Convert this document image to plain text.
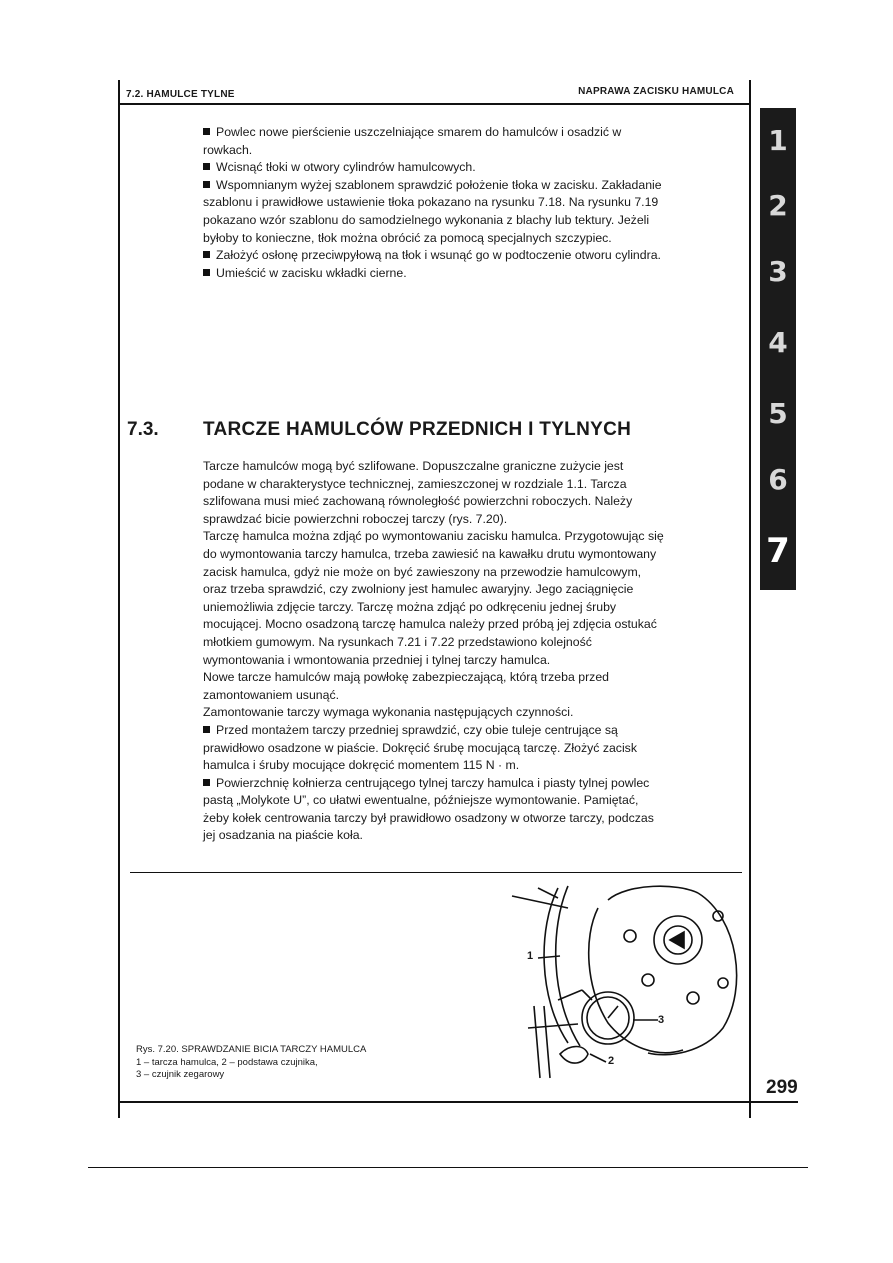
7.2. HAMULCE TYLNE	NAPRAWA ZACISKU HAMULCA

Powlec nowe pierścienie uszczelniające smarem do hamulców i osadzić w rowkach.

Wcisnąć tłoki w otwory cylindrów hamulcowych.

Wspomnianym wyżej szablonem sprawdzić położenie tłoka w zacisku. Zakładanie szablonu i prawidłowe ustawienie tłoka pokazano na rysunku 7.18. Na rysunku 7.19 pokazano wzór szablonu do samodzielnego wykonania z blachy lub tektury. Jeżeli byłoby to konieczne, tłok można obrócić za pomocą specjalnych szczypiec.

Założyć osłonę przeciwpyłową na tłok i wsunąć go w podtoczenie otworu cylindra.

Umieścić w zacisku wkładki cierne.

7.3. TARCZE HAMULCÓW PRZEDNICH I TYLNYCH

Tarcze hamulców mogą być szlifowane. Dopuszczalne graniczne zużycie jest podane w charakterystyce technicznej, zamieszczonej w rozdziale 1.1. Tarcza szlifowana musi mieć zachowaną równoległość powierzchni roboczych. Należy sprawdzać bicie powierzchni roboczej tarczy (rys. 7.20).

Tarczę hamulca można zdjąć po wymontowaniu zacisku hamulca. Przygotowując się do wymontowania tarczy hamulca, trzeba zawiesić na kawałku drutu wymontowany zacisk hamulca, gdyż nie może on być zawieszony na przewodzie hamulcowym, oraz trzeba sprawdzić, czy zwolniony jest hamulec awaryjny. Jego zaciągnięcie uniemożliwia zdjęcie tarczy. Tarczę można zdjąć po odkręceniu jednej śruby mocującej. Mocno osadzoną tarczę hamulca należy przed próbą jej zdjęcia ostukać młotkiem gumowym. Na rysunkach 7.21 i 7.22 przedstawiono kolejność wymontowania i wmontowania przedniej i tylnej tarczy hamulca.

Nowe tarcze hamulców mają powłokę zabezpieczającą, którą trzeba przed zamontowaniem usunąć.

Zamontowanie tarczy wymaga wykonania następujących czynności.

Przed montażem tarczy przedniej sprawdzić, czy obie tuleje centrujące są prawidłowo osadzone w piaście. Dokręcić śrubę mocującą tarczę. Złożyć zacisk hamulca i śruby mocujące dokręcić momentem 115 N · m.

Powierzchnię kołnierza centrującego tylnej tarczy hamulca i piasty tylnej powlec pastą „Molykote U”, co ułatwi ewentualne, późniejsze wymontowanie. Pamiętać, żeby kołek centrowania tarczy był prawidłowo osadzony w otworze tarczy, podczas jej osadzania na piaście koła.

1
2
3
Rys. 7.20. SPRAWDZANIE BICIA TARCZY HAMULCA
1 – tarcza hamulca, 2 – podstawa czujnika,
3 – czujnik zegarowy
1
2
3
4
5
6
7
299
